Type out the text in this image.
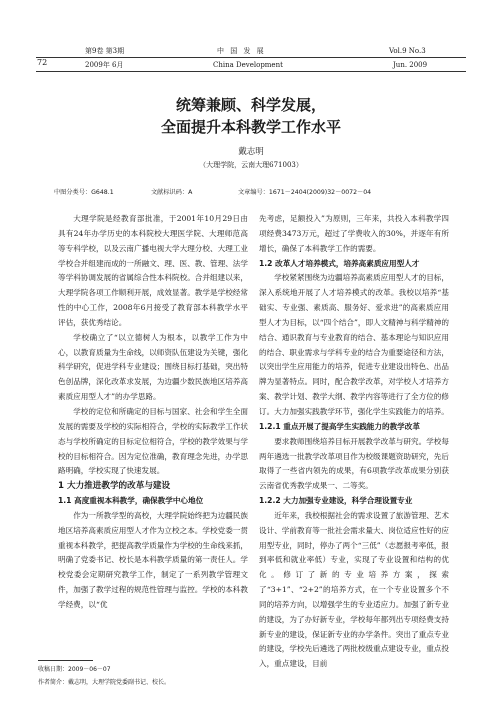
第9卷 第3期
2009年 6月
中 国 发 展
China Development
Vol.9 No.3
Jun. 2009
72
统筹兼顾、科学发展，
全面提升本科教学工作水平
戴志明
（大理学院，云南大理671003）
中图分类号：G648.1	文献标识码：A	文章编号：1671－2404(2009)32－0072－04

大理学院是经教育部批准，于2001年10月29日由具有24年办学历史的本科院校大理医学院、大理师范高等专科学校，以及云南广播电视大学大理分校、大理工业学校合并组建而成的一所融文、理、医、教、管理、法学等学科协调发展的省属综合性本科院校。合并组建以来，大理学院各项工作顺利开展，成效显著。教学是学校经常性的中心工作，2008年6月接受了教育部本科教学水平评估，获优秀结论。

学校确立了“以立德树人为根本，以教学工作为中心，以教育质量为生命线，以师资队伍建设为关键，强化科学研究，促进学科专业建设；围绕目标打基础，突出特色创品牌，深化改革求发展，为边疆少数民族地区培养高素质应用型人才”的办学思路。

学校的定位和所确定的目标与国家、社会和学生全面发展的需要及学校的实际相符合，学校的实际教学工作状态与学校所确定的目标定位相符合，学校的教学效果与学校的目标相符合。因为定位准确，教育理念先进，办学思路明确，学校实现了快速发展。

1 大力推进教学的改革与建设

1.1 高度重视本科教学，确保教学中心地位

作为一所教学型的高校，大理学院始终把为边疆民族地区培养高素质应用型人才作为立校之本。学校党委一贯重视本科教学，把提高教学质量作为学校的生命线来抓，明确了党委书记、校长是本科教学质量的第一责任人。学校党委会定期研究教学工作，制定了一系列教学管理文件，加强了教学过程的规范性管理与监控。学校的本科教学经费，以“优

先考虑，足额投入”为原则，三年来，共投入本科教学四项经费3473万元，超过了学费收入的30%，并逐年有所增长，确保了本科教学工作的需要。

1.2 改革人才培养模式，培养高素质应用型人才

学校紧紧围绕为边疆培养高素质应用型人才的目标，深入系统地开展了人才培养模式的改革。我校以培养“基础实、专业强、素质高、服务好、爱求进”的高素质应用型人才为目标，以“四个结合”，即人文精神与科学精神的结合、通识教育与专业教育的结合、基本理论与知识应用的结合、职业需求与学科专业的结合为重要途径和方法，以突出学生应用能力的培养，促进专业建设出特色、出品牌为显著特点。同时，配合教学改革，对学校人才培养方案、教学计划、教学大纲、教学内容等进行了全方位的修订。大力加强实践教学环节，强化学生实践能力的培养。

1.2.1 重点开展了提高学生实践能力的教学改革

要求教师围绕培养目标开展教学改革与研究。学校每两年遴选一批教学改革项目作为校级课题资助研究，先后取得了一些省内领先的成果，有6项教学改革成果分别获云南省优秀教学成果一、二等奖。

1.2.2 大力加强专业建设，科学合理设置专业

近年来，我校根据社会的需求设置了旅游管理、艺术设计、学前教育等一批社会需求量大、岗位适应性好的应用型专业，同时，停办了两个“三低”（志愿报考率低，报到率低和就业率低）专业，实现了专业设置和结构的优化。修订了新的专业培养方案，探索了“3+1”、“2+2”的培养方式，在一个专业设置多个不同的培养方向，以增强学生的专业适应力。加强了新专业的建设，为了办好新专业，学校每年都列出专项经费支持新专业的建设，保证新专业的办学条件。突出了重点专业的建设，学校先后遴选了两批校级重点建设专业，重点投入，重点建设，目前

收稿日期：2009－06－07
作者简介：戴志明，大理学院党委副书记、校长。
